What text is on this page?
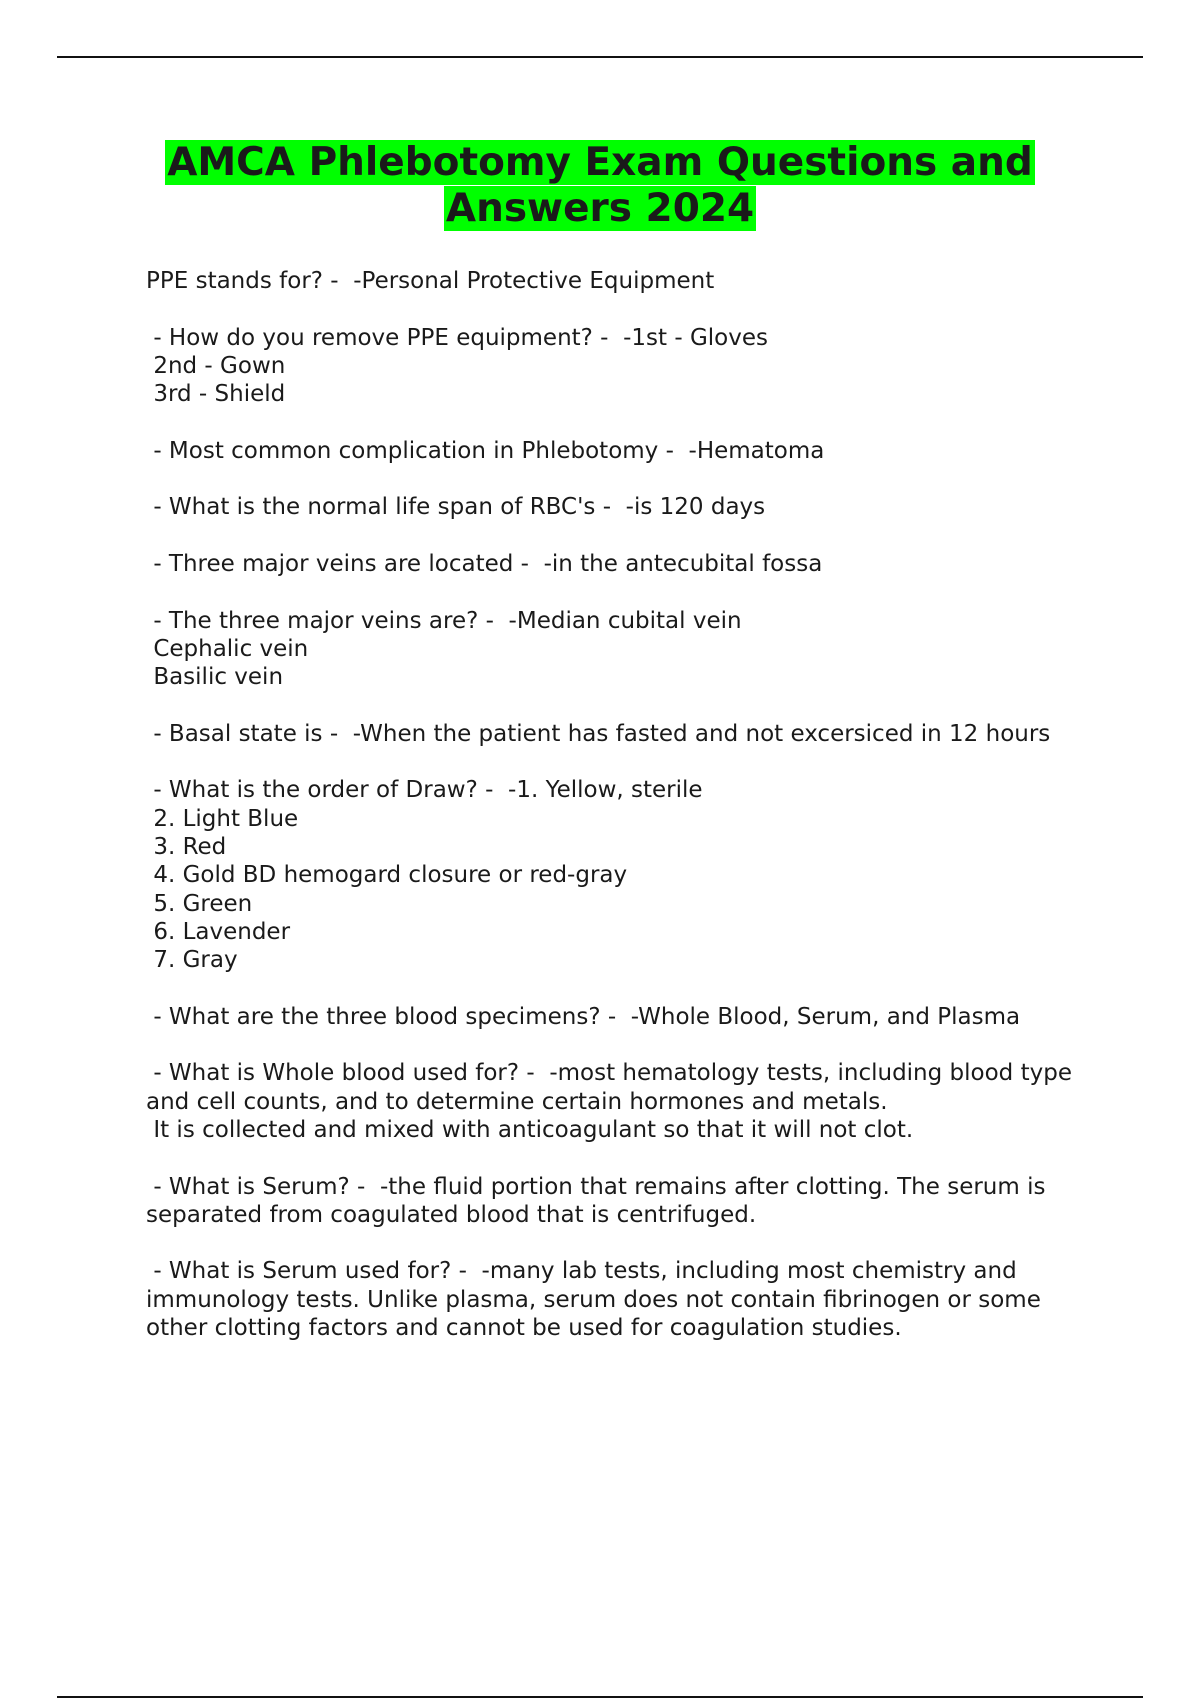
AMCA Phlebotomy Exam Questions and Answers 2024

PPE stands for? -  -Personal Protective Equipment

- How do you remove PPE equipment? -  -1st - Gloves
2nd - Gown
3rd - Shield

- Most common complication in Phlebotomy -  -Hematoma

- What is the normal life span of RBC's -  -is 120 days

- Three major veins are located -  -in the antecubital fossa

- The three major veins are? -  -Median cubital vein
Cephalic vein
Basilic vein

- Basal state is -  -When the patient has fasted and not excersiced in 12 hours

- What is the order of Draw? -  -1. Yellow, sterile
2. Light Blue
3. Red
4. Gold BD hemogard closure or red-gray
5. Green
6. Lavender
7. Gray

- What are the three blood specimens? -  -Whole Blood, Serum, and Plasma

- What is Whole blood used for? -  -most hematology tests, including blood type and cell counts, and to determine certain hormones and metals.
It is collected and mixed with anticoagulant so that it will not clot.

- What is Serum? -  -the fluid portion that remains after clotting. The serum is separated from coagulated blood that is centrifuged.

- What is Serum used for? -  -many lab tests, including most chemistry and immunology tests. Unlike plasma, serum does not contain fibrinogen or some other clotting factors and cannot be used for coagulation studies.
